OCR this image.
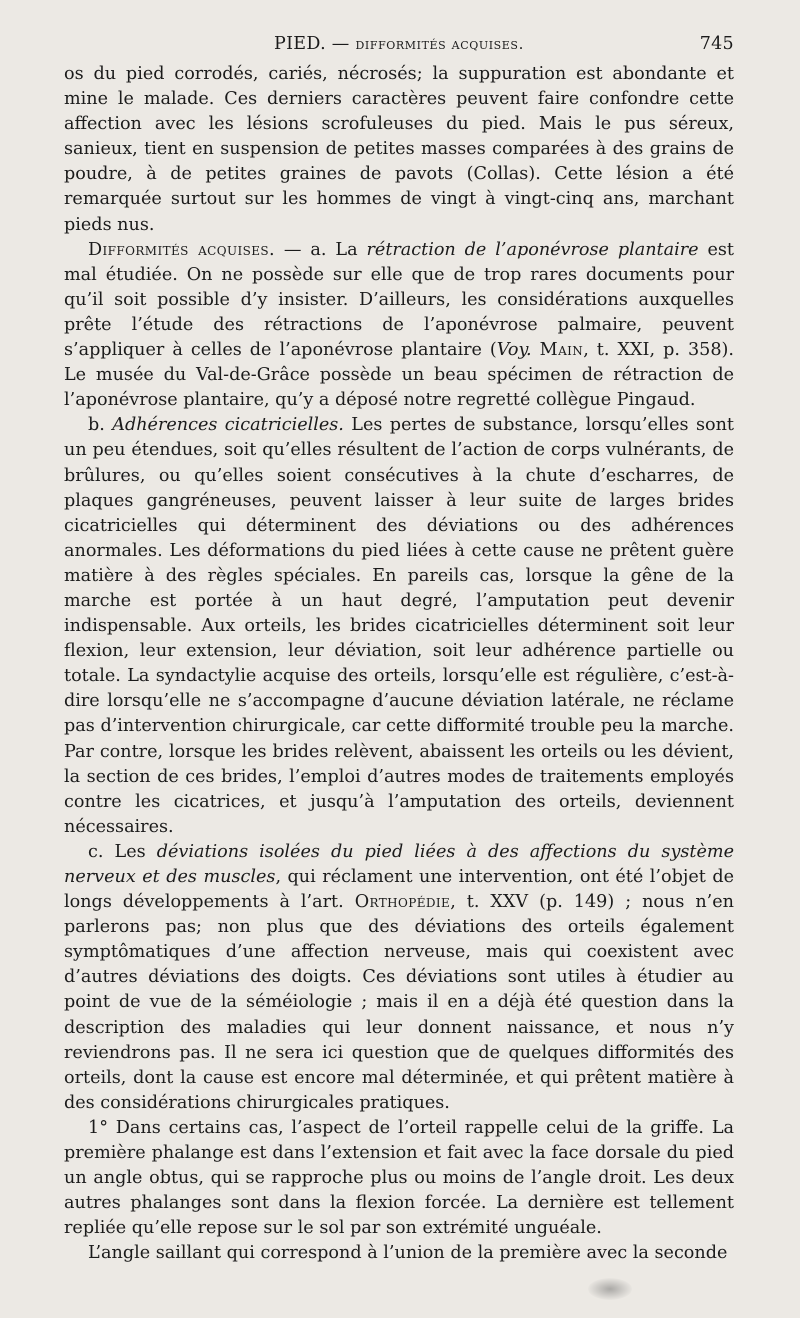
PIED. — difformités acquises.	745

os du pied corrodés, cariés, nécrosés; la suppuration est abondante et mine le malade. Ces derniers caractères peuvent faire confondre cette affection avec les lésions scrofuleuses du pied. Mais le pus séreux, sanieux, tient en suspension de petites masses comparées à des grains de poudre, à de petites graines de pavots (Collas). Cette lésion a été remarquée surtout sur les hommes de vingt à vingt-cinq ans, marchant pieds nus.

Difformités acquises. — a. La rétraction de l’aponévrose plantaire est mal étudiée. On ne possède sur elle que de trop rares documents pour qu’il soit possible d’y insister. D’ailleurs, les considérations auxquelles prête l’étude des rétractions de l’aponévrose palmaire, peuvent s’appliquer à celles de l’aponévrose plantaire (Voy. Main, t. XXI, p. 358). Le musée du Val-de-Grâce possède un beau spécimen de rétraction de l’aponévrose plantaire, qu’y a déposé notre regretté collègue Pingaud.

b. Adhérences cicatricielles. Les pertes de substance, lorsqu’elles sont un peu étendues, soit qu’elles résultent de l’action de corps vulnérants, de brûlures, ou qu’elles soient consécutives à la chute d’escharres, de plaques gangréneuses, peuvent laisser à leur suite de larges brides cicatricielles qui déterminent des déviations ou des adhérences anormales. Les déformations du pied liées à cette cause ne prêtent guère matière à des règles spéciales. En pareils cas, lorsque la gêne de la marche est portée à un haut degré, l’amputation peut devenir indispensable. Aux orteils, les brides cicatricielles déterminent soit leur flexion, leur extension, leur déviation, soit leur adhérence partielle ou totale. La syndactylie acquise des orteils, lorsqu’elle est régulière, c’est-à-dire lorsqu’elle ne s’accompagne d’aucune déviation latérale, ne réclame pas d’intervention chirurgicale, car cette difformité trouble peu la marche. Par contre, lorsque les brides relèvent, abaissent les orteils ou les dévient, la section de ces brides, l’emploi d’autres modes de traitements employés contre les cicatrices, et jusqu’à l’amputation des orteils, deviennent nécessaires.

c. Les déviations isolées du pied liées à des affections du système nerveux et des muscles, qui réclament une intervention, ont été l’objet de longs développements à l’art. Orthopédie, t. XXV (p. 149) ; nous n’en parlerons pas; non plus que des déviations des orteils également symptômatiques d’une affection nerveuse, mais qui coexistent avec d’autres déviations des doigts. Ces déviations sont utiles à étudier au point de vue de la séméiologie ; mais il en a déjà été question dans la description des maladies qui leur donnent naissance, et nous n’y reviendrons pas. Il ne sera ici question que de quelques difformités des orteils, dont la cause est encore mal déterminée, et qui prêtent matière à des considérations chirurgicales pratiques.

1° Dans certains cas, l’aspect de l’orteil rappelle celui de la griffe. La première phalange est dans l’extension et fait avec la face dorsale du pied un angle obtus, qui se rapproche plus ou moins de l’angle droit. Les deux autres phalanges sont dans la flexion forcée. La dernière est tellement repliée qu’elle repose sur le sol par son extrémité unguéale.

L’angle saillant qui correspond à l’union de la première avec la seconde
